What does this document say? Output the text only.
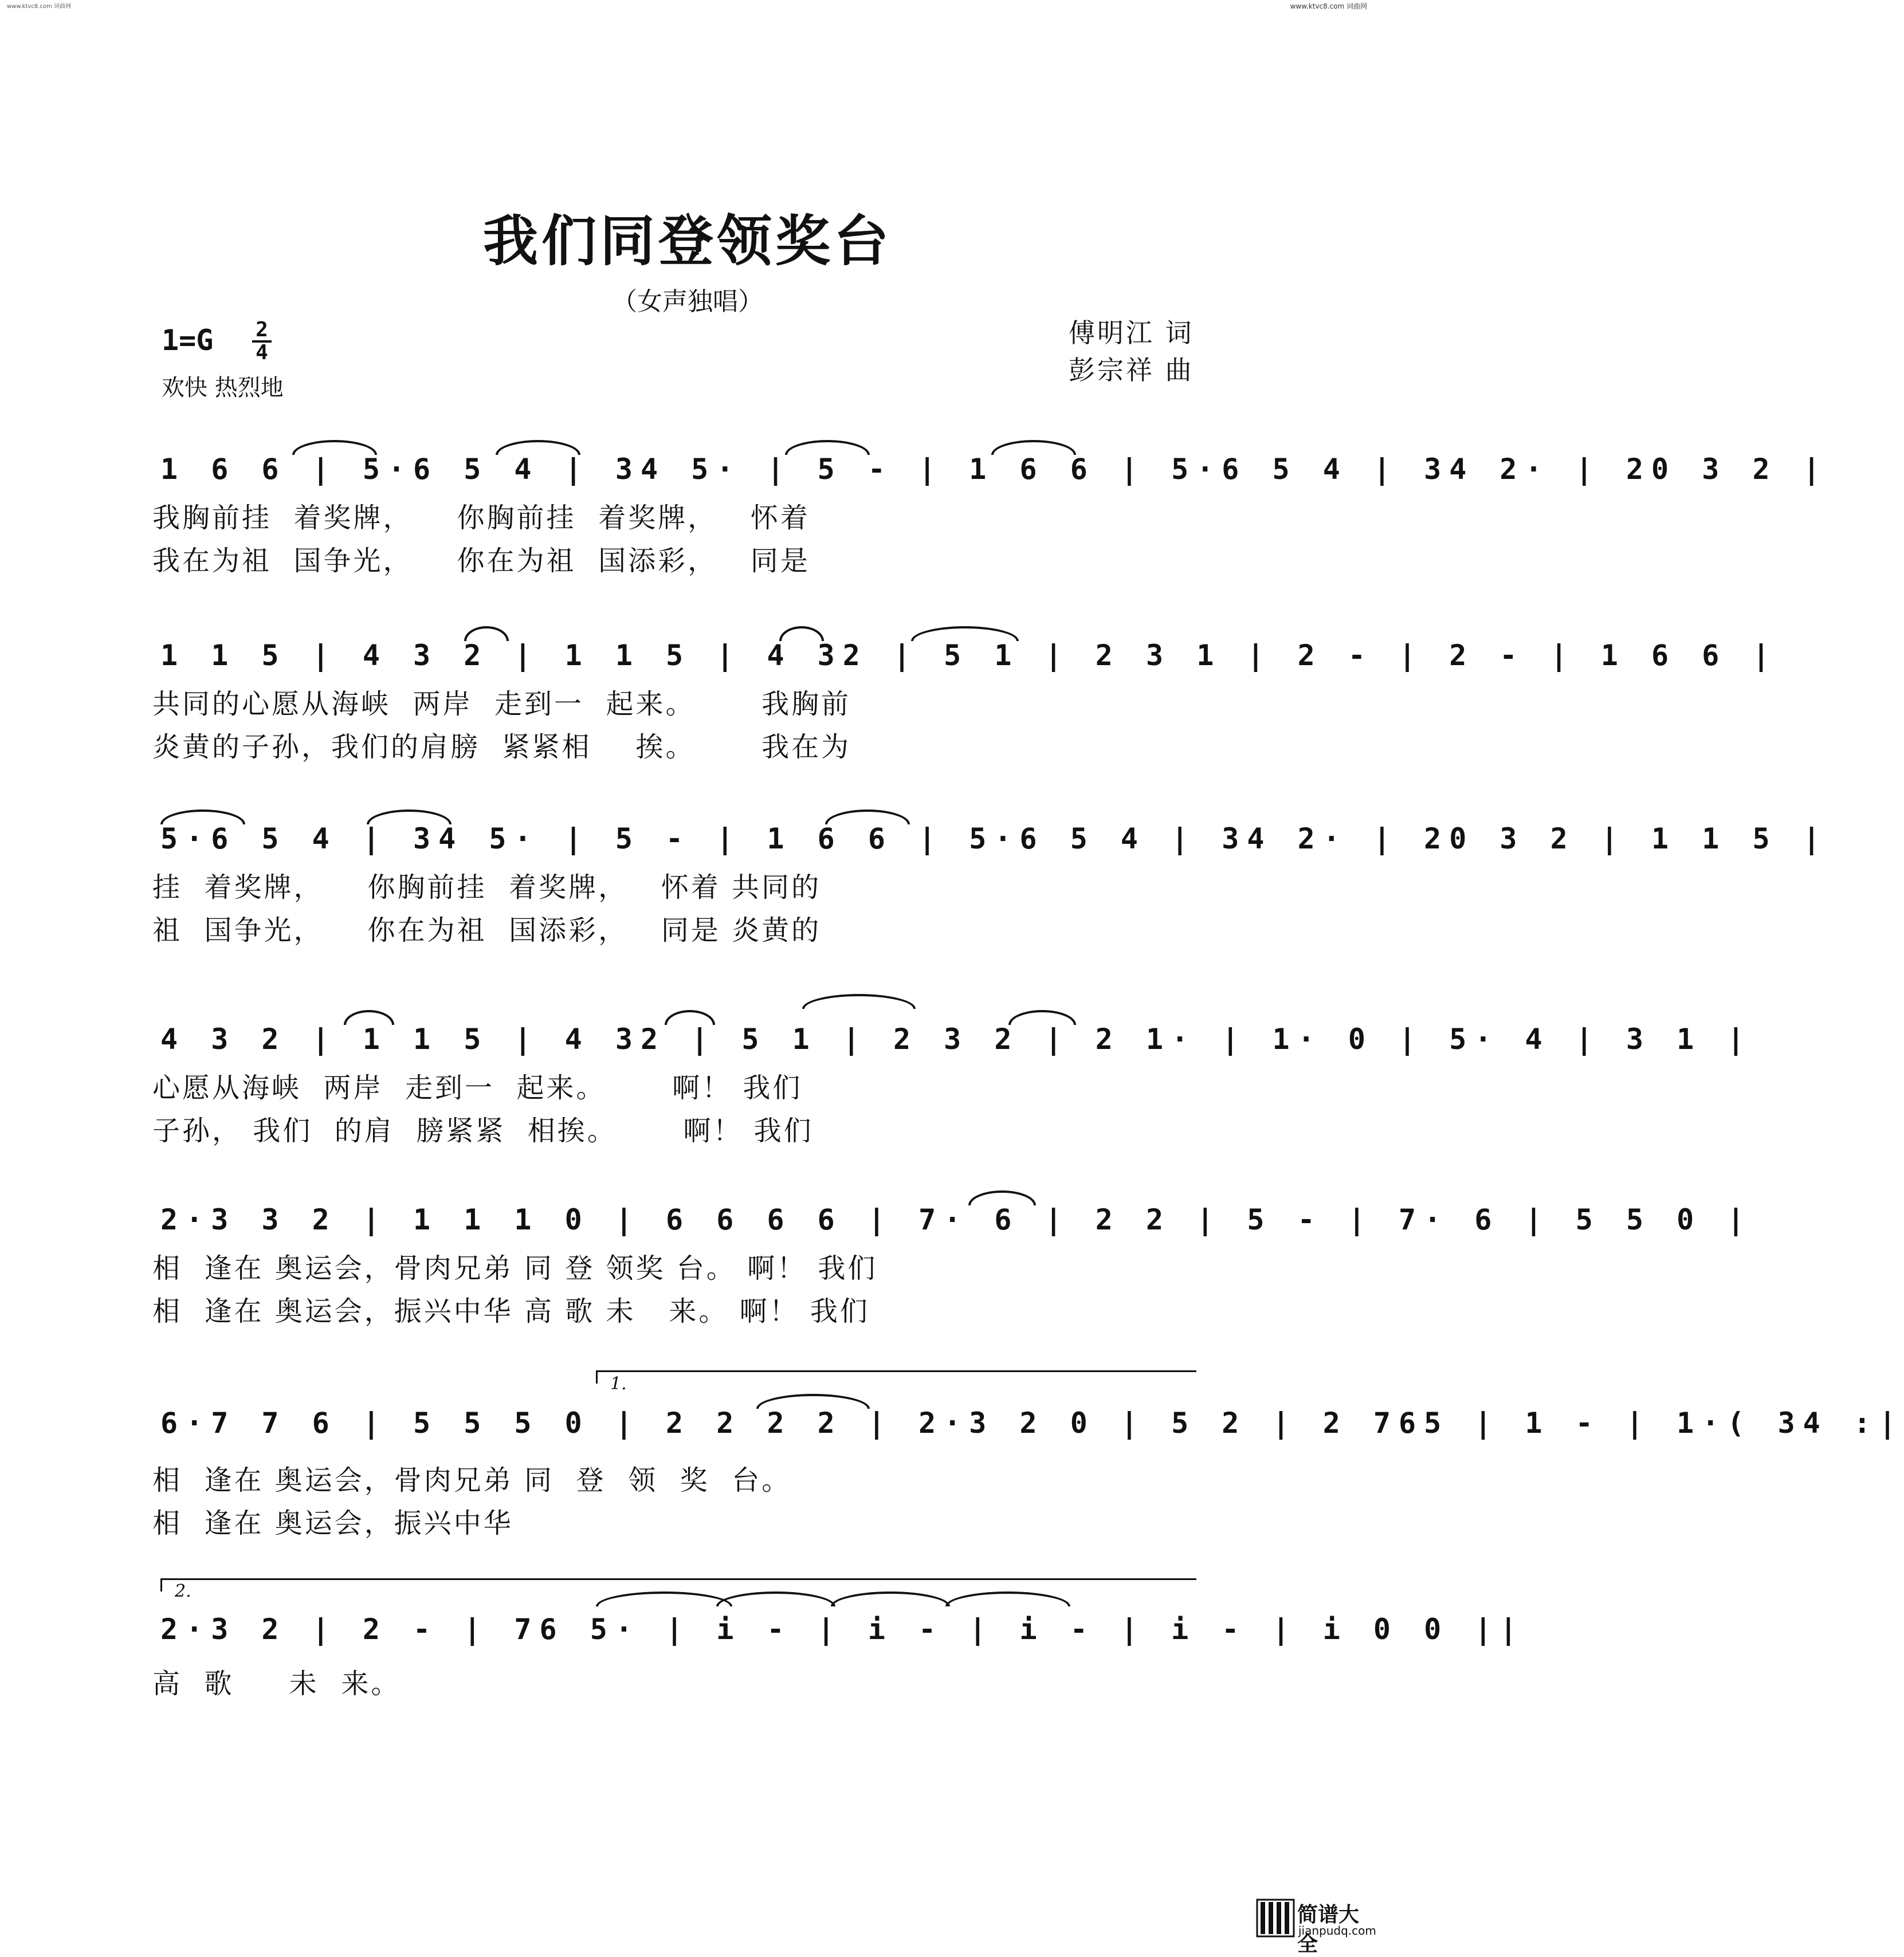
www.ktvc8.com 词曲网	www.ktvc8.com 词曲网
我们同登领奖台
（女声独唱）
1=G 2
4
欢快 热烈地
傅明江 词
彭宗祥 曲
1 6 6 | 5·6 5 4 | 34 5· | 5 - | 1 6 6 | 5·6 5 4 | 34 2· | 20 3 2 |
我胸前挂  着奖牌，    你胸前挂  着奖牌，   怀着
我在为祖  国争光，    你在为祖  国添彩，   同是
1 1 5 | 4 3 2 | 1 1 5 | 4 32 | 5 1 | 2 3 1 | 2 - | 2 - | 1 6 6 |
共同的心愿从海峡  两岸  走到一  起来。      我胸前
炎黄的子孙，我们的肩膀  紧紧相    挨。      我在为
5·6 5 4 | 34 5· | 5 - | 1 6 6 | 5·6 5 4 | 34 2· | 20 3 2 | 1 1 5 |
挂  着奖牌，    你胸前挂  着奖牌，   怀着 共同的
祖  国争光，    你在为祖  国添彩，   同是 炎黄的
4 3 2 | 1 1 5 | 4 32 | 5 1 | 2 3 2 | 2 1· | 1· 0 | 5· 4 | 3 1 |
心愿从海峡  两岸  走到一  起来。      啊！ 我们
子孙， 我们  的肩  膀紧紧  相挨。      啊！ 我们
2·3 3 2 | 1 1 1 0 | 6 6 6 6 | 7· 6 | 2 2 | 5 - | 7· 6 | 5 5 0 |
相  逢在 奥运会，骨肉兄弟 同 登 领奖 台。 啊！ 我们
相  逢在 奥运会，振兴中华 高 歌 未   来。 啊！ 我们
1.
6·7 7 6 | 5 5 5 0 | 2 2 2 2 | 2·3 2 0 | 5 2 | 2 765 | 1 - | 1·( 34 :|
相  逢在 奥运会，骨肉兄弟 同  登  领  奖  台。
相  逢在 奥运会，振兴中华
2.
2·3 2 | 2 - | 76 5· | i - | i - | i - | i - | i 0 0 ||
高  歌     未  来。
简谱大全
jianpudq.com
